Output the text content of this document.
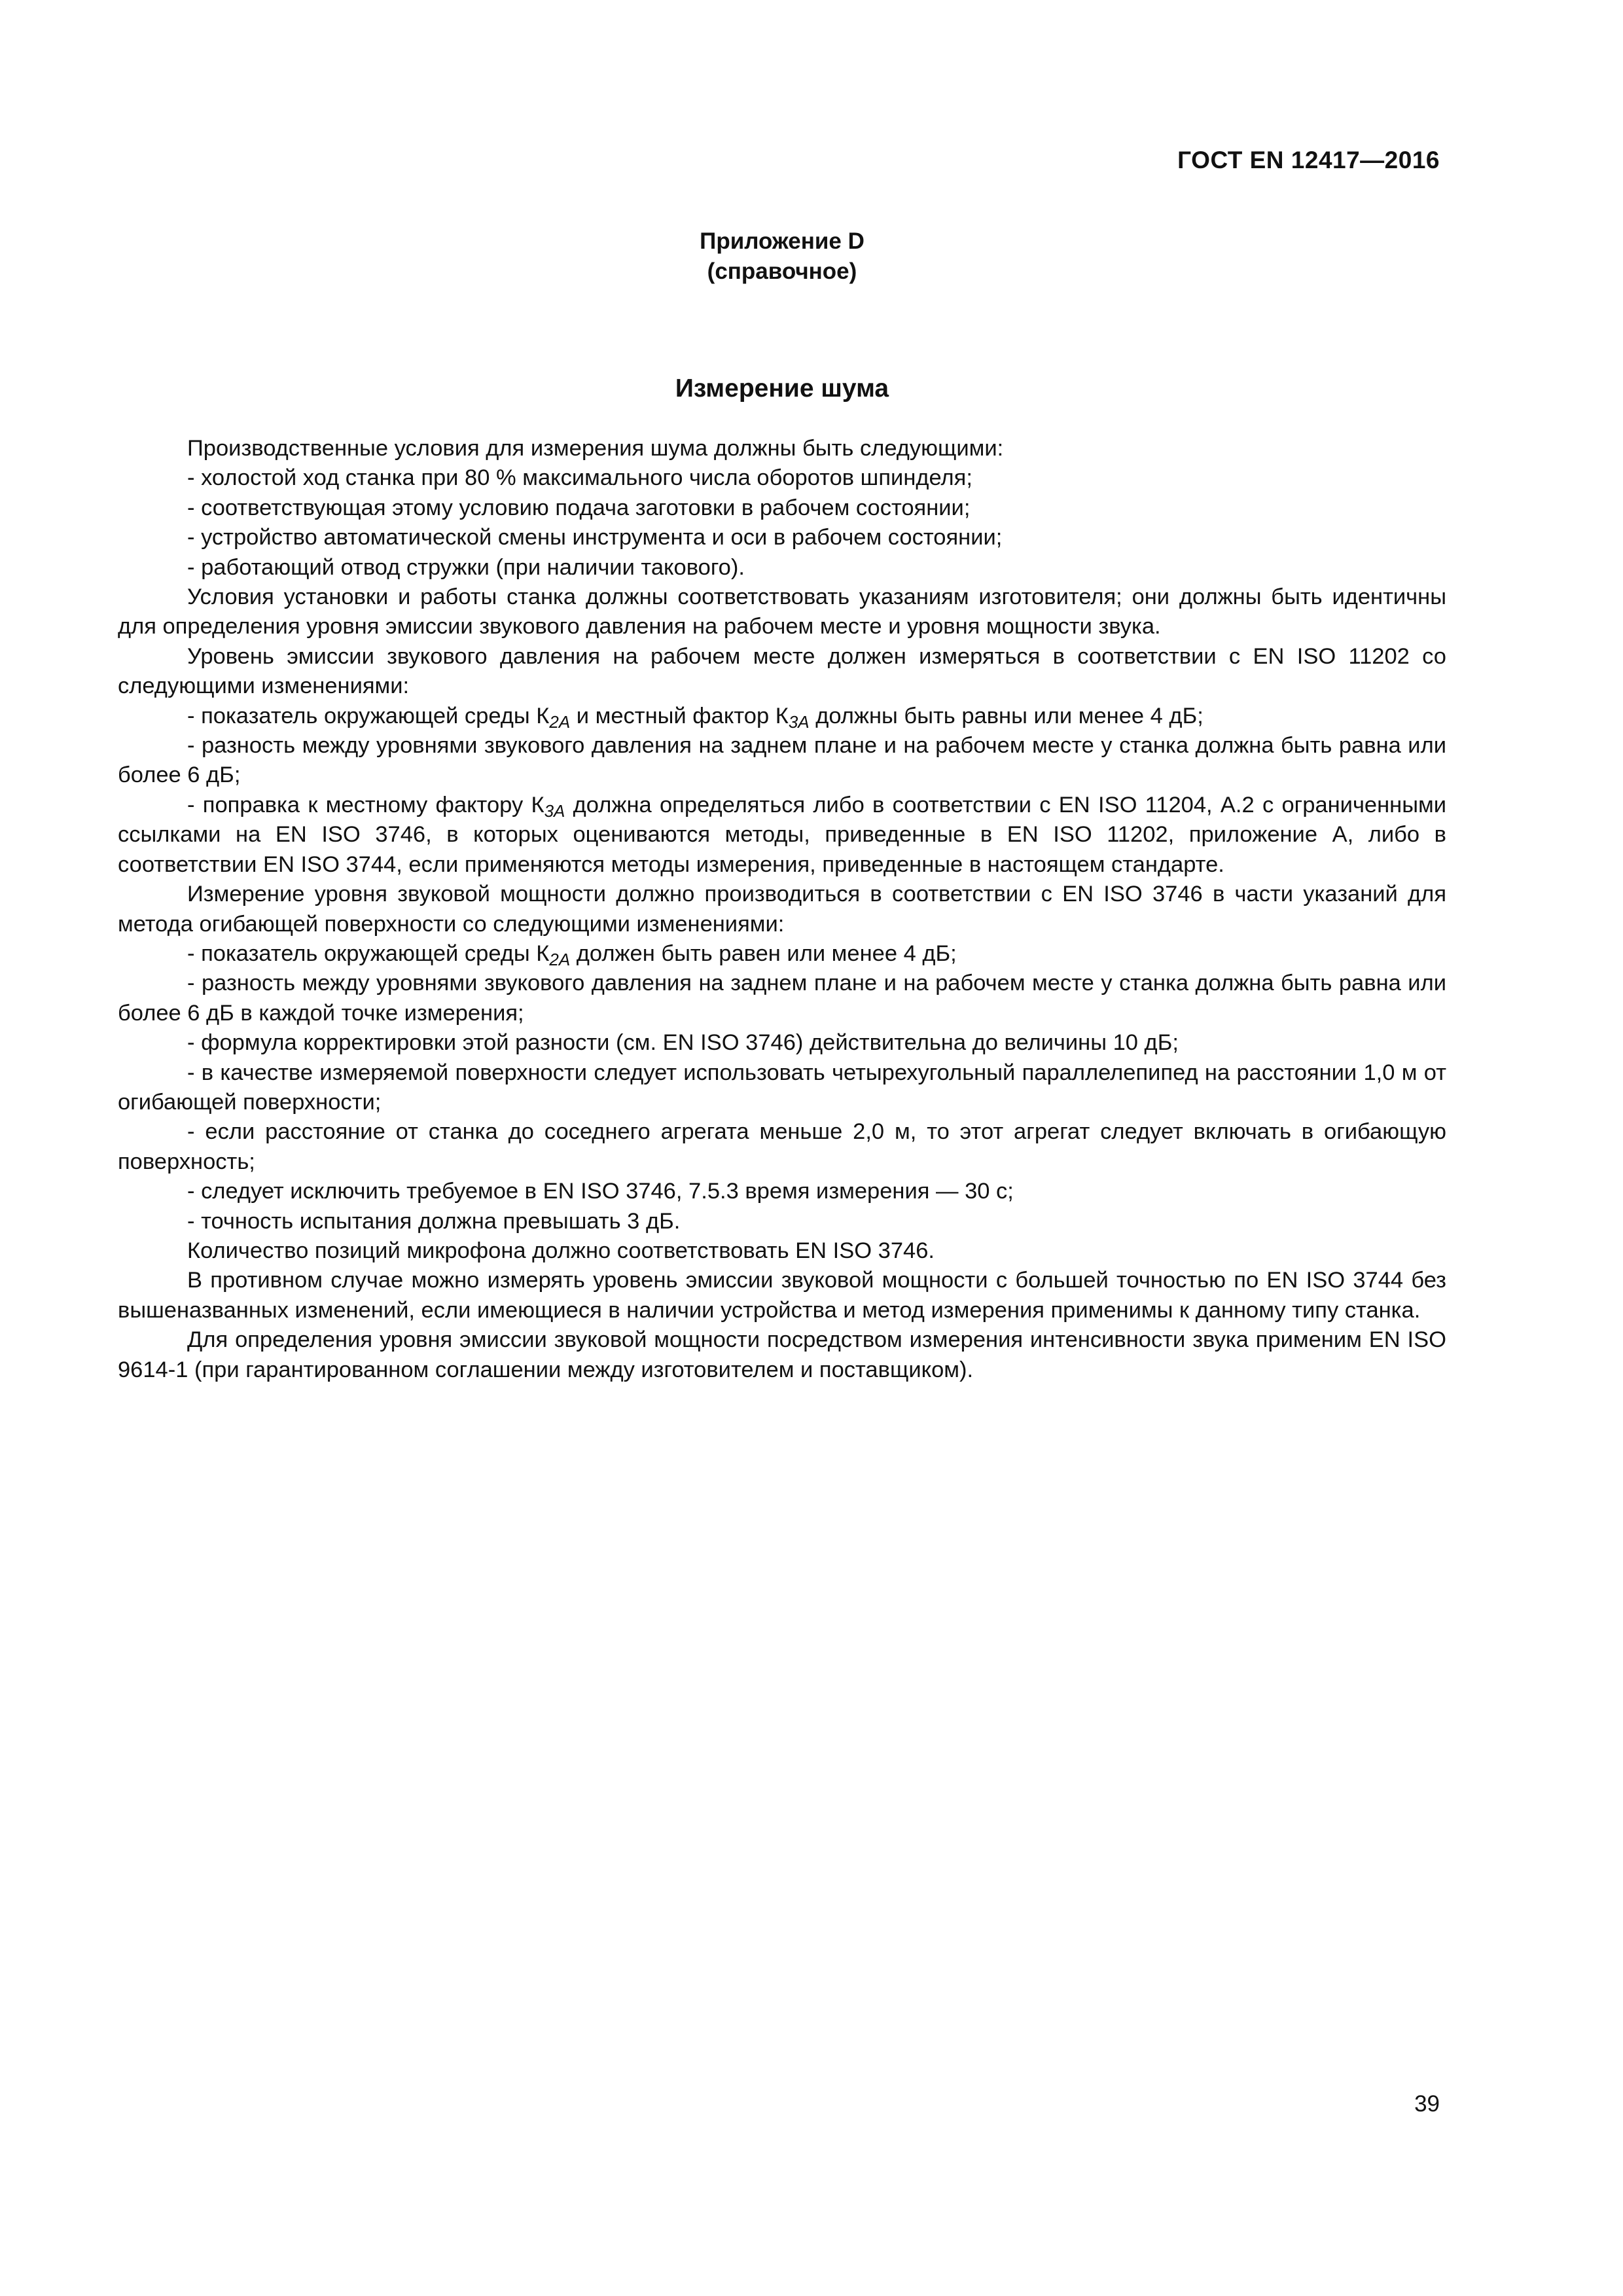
ГОСТ EN 12417—2016
Приложение D
(справочное)
Измерение шума

Производственные условия для измерения шума должны быть следующими:

- холостой ход станка при 80 % максимального числа оборотов шпинделя;

- соответствующая этому условию подача заготовки в рабочем состоянии;

- устройство автоматической смены инструмента и оси в рабочем состоянии;

- работающий отвод стружки (при наличии такового).

Условия установки и работы станка должны соответствовать указаниям изготовителя; они должны быть идентичны для определения уровня эмиссии звукового давления на рабочем месте и уровня мощности звука.

Уровень эмиссии звукового давления на рабочем месте должен измеряться в соответствии с EN ISO 11202 со следующими изменениями:

- показатель окружающей среды $К_{2A}$ и местный фактор $К_{3A}$ должны быть равны или менее 4 дБ;

- разность между уровнями звукового давления на заднем плане и на рабочем месте у станка должна быть равна или более 6 дБ;

- поправка к местному фактору $К_{3A}$ должна определяться либо в соответствии с EN ISO 11204, А.2 с ограниченными ссылками на EN ISO 3746, в которых оцениваются методы, приведенные в EN ISO 11202, приложение А, либо в соответствии EN ISO 3744, если применяются методы измерения, приведенные в настоящем стандарте.

Измерение уровня звуковой мощности должно производиться в соответствии с EN ISO 3746 в части указаний для метода огибающей поверхности со следующими изменениями:

- показатель окружающей среды $К_{2A}$ должен быть равен или менее 4 дБ;

- разность между уровнями звукового давления на заднем плане и на рабочем месте у станка должна быть равна или более 6 дБ в каждой точке измерения;

- формула корректировки этой разности (см. EN ISO 3746) действительна до величины 10 дБ;

- в качестве измеряемой поверхности следует использовать четырехугольный параллелепипед на расстоянии 1,0 м от огибающей поверхности;

- если расстояние от станка до соседнего агрегата меньше 2,0 м, то этот агрегат следует включать в огибающую поверхность;

- следует исключить требуемое в EN ISO 3746, 7.5.3 время измерения — 30 с;

- точность испытания должна превышать 3 дБ.

Количество позиций микрофона должно соответствовать EN ISO 3746.

В противном случае можно измерять уровень эмиссии звуковой мощности с большей точностью по EN ISO 3744 без вышеназванных изменений, если имеющиеся в наличии устройства и метод измерения применимы к данному типу станка.

Для определения уровня эмиссии звуковой мощности посредством измерения интенсивности звука применим EN ISO 9614-1 (при гарантированном соглашении между изготовителем и поставщиком).

39
